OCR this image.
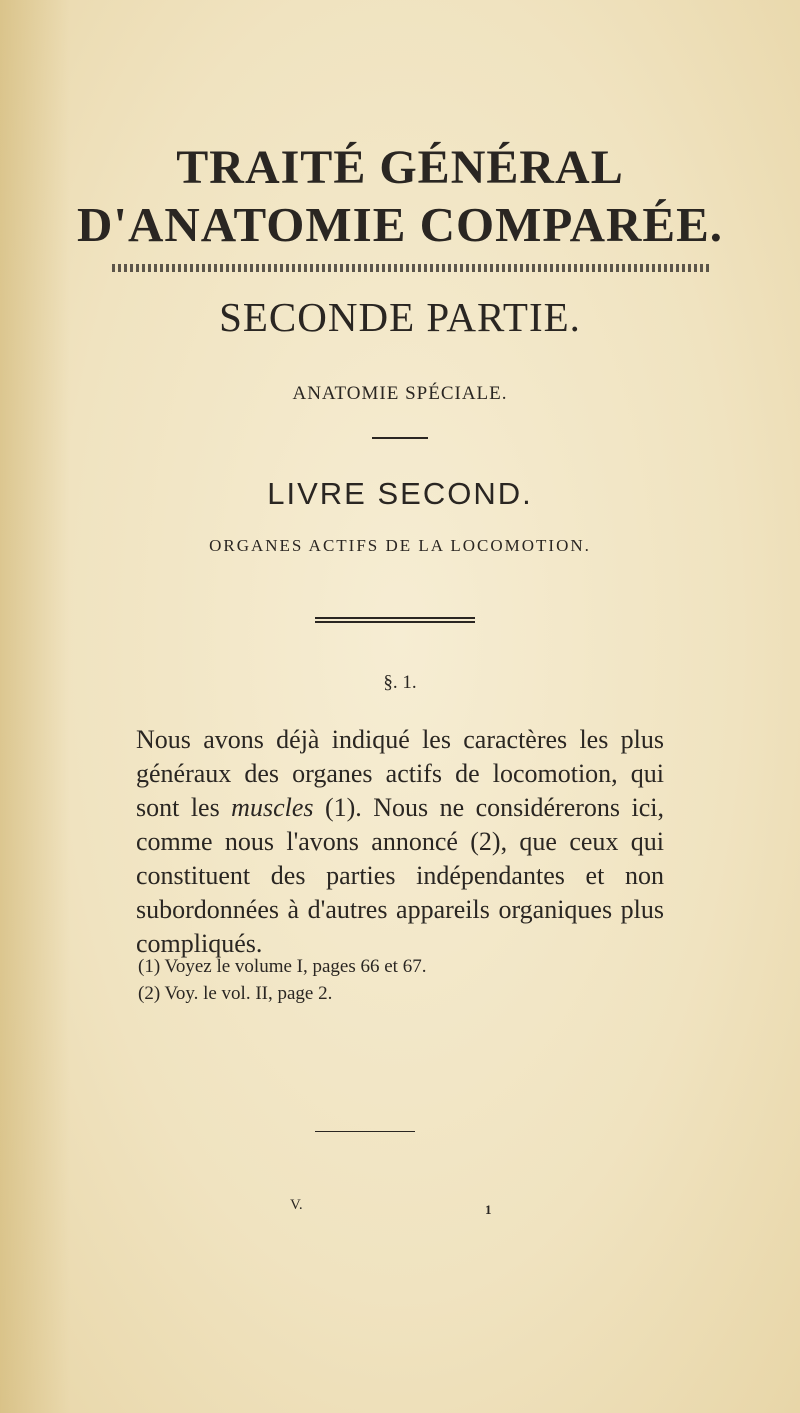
TRAITÉ GÉNÉRAL
D'ANATOMIE COMPARÉE.
SECONDE PARTIE.
ANATOMIE SPÉCIALE.
LIVRE SECOND.
ORGANES ACTIFS DE LA LOCOMOTION.
§. 1.

Nous avons déjà indiqué les caractères les plus généraux des organes actifs de locomotion, qui sont les muscles (1). Nous ne considérerons ici, comme nous l'avons annoncé (2), que ceux qui constituent des parties indépendantes et non subordonnées à d'autres appareils organiques plus compliqués.

(1) Voyez le volume I, pages 66 et 67.
(2) Voy. le vol. II, page 2.
V.	1
